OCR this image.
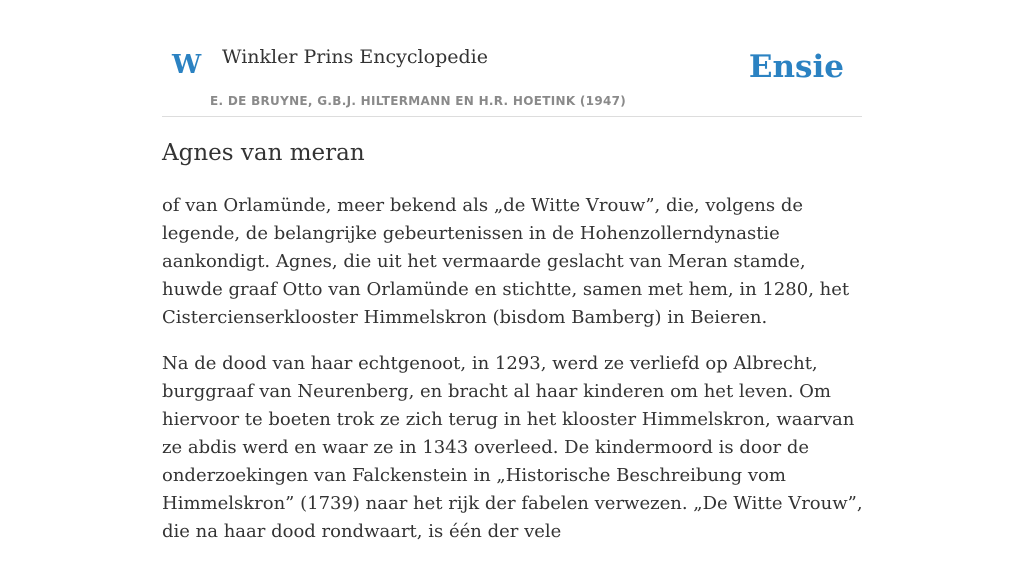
W Winkler Prins Encyclopedie
E. DE BRUYNE, G.B.J. HILTERMANN EN H.R. HOETINK (1947)
Ensie
Agnes van meran

of van Orlamünde, meer bekend als „de Witte Vrouw”, die, volgens de legende, de belangrijke gebeurtenissen in de Hohenzollerndynastie aankondigt. Agnes, die uit het vermaarde geslacht van Meran stamde, huwde graaf Otto van Orlamünde en stichtte, samen met hem, in 1280, het Cistercienserklooster Himmelskron (bisdom Bamberg) in Beieren.

Na de dood van haar echtgenoot, in 1293, werd ze verliefd op Albrecht, burggraaf van Neurenberg, en bracht al haar kinderen om het leven. Om hiervoor te boeten trok ze zich terug in het klooster Himmelskron, waarvan ze abdis werd en waar ze in 1343 overleed. De kindermoord is door de onderzoekingen van Falckenstein in „Historische Beschreibung vom Himmelskron” (1739) naar het rijk der fabelen verwezen. „De Witte Vrouw”, die na haar dood rondwaart, is één der vele
